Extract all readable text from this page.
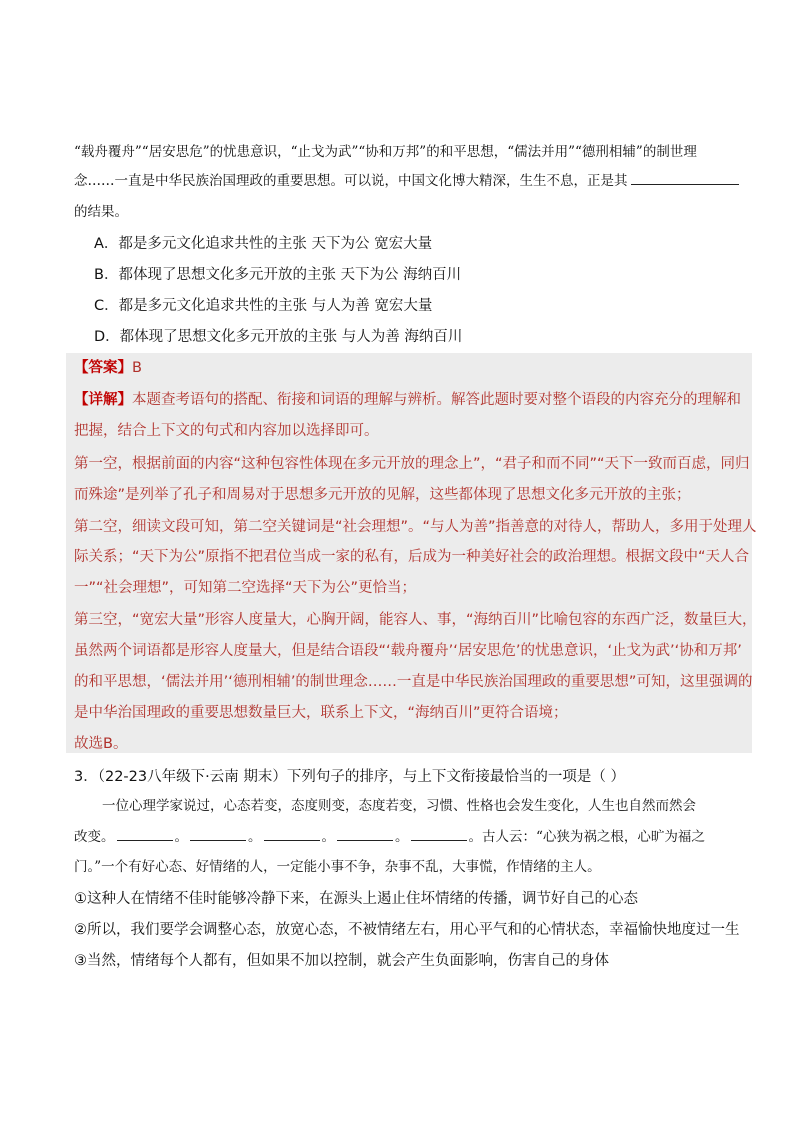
“载舟覆舟”“居安思危”的忧患意识，“止戈为武”“协和万邦”的和平思想，“儒法并用”“德刑相辅”的制世理
念……一直是中华民族治国理政的重要思想。可以说，中国文化博大精深，生生不息，正是其
的结果。
A．都是多元文化追求共性的主张 天下为公 宽宏大量
B．都体现了思想文化多元开放的主张 天下为公 海纳百川
C．都是多元文化追求共性的主张 与人为善 宽宏大量
D．都体现了思想文化多元开放的主张 与人为善 海纳百川
【答案】B
【详解】本题查考语句的搭配、衔接和词语的理解与辨析。解答此题时要对整个语段的内容充分的理解和
把握，结合上下文的句式和内容加以选择即可。
第一空，根据前面的内容“这种包容性体现在多元开放的理念上”，“君子和而不同”“天下一致而百虑，同归
而殊途”是列举了孔子和周易对于思想多元开放的见解，这些都体现了思想文化多元开放的主张；
第二空，细读文段可知，第二空关键词是“社会理想”。“与人为善”指善意的对待人，帮助人，多用于处理人
际关系；“天下为公”原指不把君位当成一家的私有，后成为一种美好社会的政治理想。根据文段中“天人合
一”“社会理想”，可知第二空选择“天下为公”更恰当；
第三空，“宽宏大量”形容人度量大，心胸开阔，能容人、事，“海纳百川”比喻包容的东西广泛，数量巨大，
虽然两个词语都是形容人度量大，但是结合语段“‘载舟覆舟’‘居安思危’的忧患意识，‘止戈为武’‘协和万邦’
的和平思想，‘儒法并用’‘德刑相辅’的制世理念……一直是中华民族治国理政的重要思想”可知，这里强调的
是中华治国理政的重要思想数量巨大，联系上下文，“海纳百川”更符合语境；
故选B。
3．（22-23八年级下·云南 期末）下列句子的排序，与上下文衔接最恰当的一项是（ ）
一位心理学家说过，心态若变，态度则变，态度若变，习惯、性格也会发生变化，人生也自然而然会
改变。	。	。	。	。	。古人云：“心狭为祸之根，心旷为福之
门。”一个有好心态、好情绪的人，一定能小事不争，杂事不乱，大事慌，作情绪的主人。
①这种人在情绪不佳时能够冷静下来，在源头上遏止住坏情绪的传播，调节好自己的心态
②所以，我们要学会调整心态，放宽心态，不被情绪左右，用心平气和的心情状态，幸福愉快地度过一生
③当然，情绪每个人都有，但如果不加以控制，就会产生负面影响，伤害自己的身体
